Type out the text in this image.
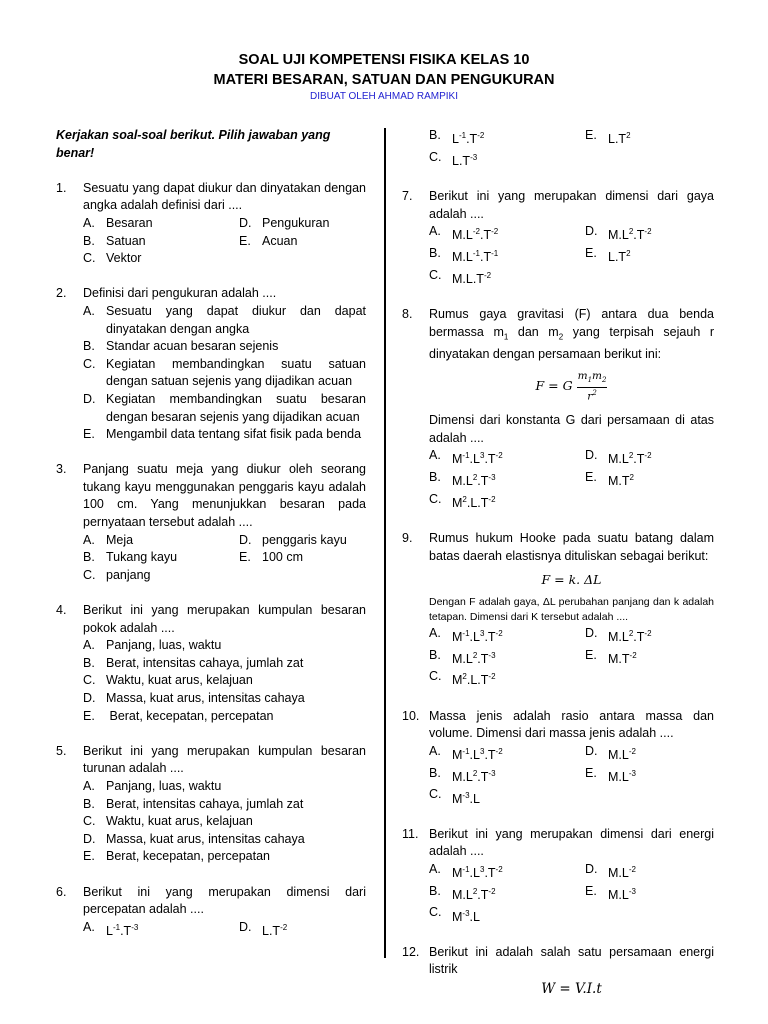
SOAL UJI KOMPETENSI FISIKA KELAS 10
MATERI BESARAN, SATUAN DAN PENGUKURAN
DIBUAT OLEH AHMAD RAMPIKI
Kerjakan soal-soal berikut. Pilih jawaban yang benar!
1. Sesuatu yang dapat diukur dan dinyatakan dengan angka adalah definisi dari ....
A. Besaran	D. Pengukuran
B. Satuan	E. Acuan
C. Vektor
2. Definisi dari pengukuran adalah ....
A. Sesuatu yang dapat diukur dan dapat dinyatakan dengan angka
B. Standar acuan besaran sejenis
C. Kegiatan membandingkan suatu satuan dengan satuan sejenis yang dijadikan acuan
D. Kegiatan membandingkan suatu besaran dengan besaran sejenis yang dijadikan acuan
E. Mengambil data tentang sifat fisik pada benda
3. Panjang suatu meja yang diukur oleh seorang tukang kayu menggunakan penggaris kayu adalah 100 cm. Yang menunjukkan besaran pada pernyataan tersebut adalah ....
A. Meja	D. penggaris kayu
B. Tukang kayu	E. 100 cm
C. panjang
4. Berikut ini yang merupakan kumpulan besaran pokok adalah ....
A. Panjang, luas, waktu
B. Berat, intensitas cahaya, jumlah zat
C. Waktu, kuat arus, kelajuan
D. Massa, kuat arus, intensitas cahaya
E. Berat, kecepatan, percepatan
5. Berikut ini yang merupakan kumpulan besaran turunan adalah ....
A. Panjang, luas, waktu
B. Berat, intensitas cahaya, jumlah zat
C. Waktu, kuat arus, kelajuan
D. Massa, kuat arus, intensitas cahaya
E. Berat, kecepatan, percepatan
6. Berikut ini yang merupakan dimensi dari percepatan adalah ....
A. $L^{-1}.T^{-3}$	D. $L.T^{-2}$
B. $L^{-1}.T^{-2}$	E. $L.T^2$
C. $L.T^{-3}$
7. Berikut ini yang merupakan dimensi dari gaya adalah ....
A. $M.L^{-2}.T^{-2}$	D. $M.L^2.T^{-2}$
B. $M.L^{-1}.T^{-1}$	E. $L.T^2$
C. $M.L.T^{-2}$
8. Rumus gaya gravitasi (F) antara dua benda bermassa $m_1$ dan $m_2$ yang terpisah sejauh r dinyatakan dengan persamaan berikut ini:
F = G $\frac{m_1m_2}{r^2}$
Dimensi dari konstanta G dari persamaan di atas adalah ....
A. $M^{-1}.L^3.T^{-2}$	D. $M.L^2.T^{-2}$
B. $M.L^2.T^{-3}$	E. $M.T^2$
C. $M^2.L.T^{-2}$
9. Rumus hukum Hooke pada suatu batang dalam batas daerah elastisnya dituliskan sebagai berikut:
F = k. ΔL
Dengan F adalah gaya, ΔL perubahan panjang dan k adalah tetapan. Dimensi dari K tersebut adalah ....
A. $M^{-1}.L^3.T^{-2}$	D. $M.L^2.T^{-2}$
B. $M.L^2.T^{-3}$	E. $M.T^{-2}$
C. $M^2.L.T^{-2}$
10. Massa jenis adalah rasio antara massa dan volume. Dimensi dari massa jenis adalah ....
A. $M^{-1}.L^3.T^{-2}$	D. $M.L^{-2}$
B. $M.L^2.T^{-3}$	E. $M.L^{-3}$
C. $M^{-3}.L$
11. Berikut ini yang merupakan dimensi dari energi adalah ....
A. $M^{-1}.L^3.T^{-2}$	D. $M.L^{-2}$
B. $M.L^2.T^{-2}$	E. $M.L^{-3}$
C. $M^{-3}.L$
12. Berikut ini adalah salah satu persamaan energi listrik
W = V.I.t
